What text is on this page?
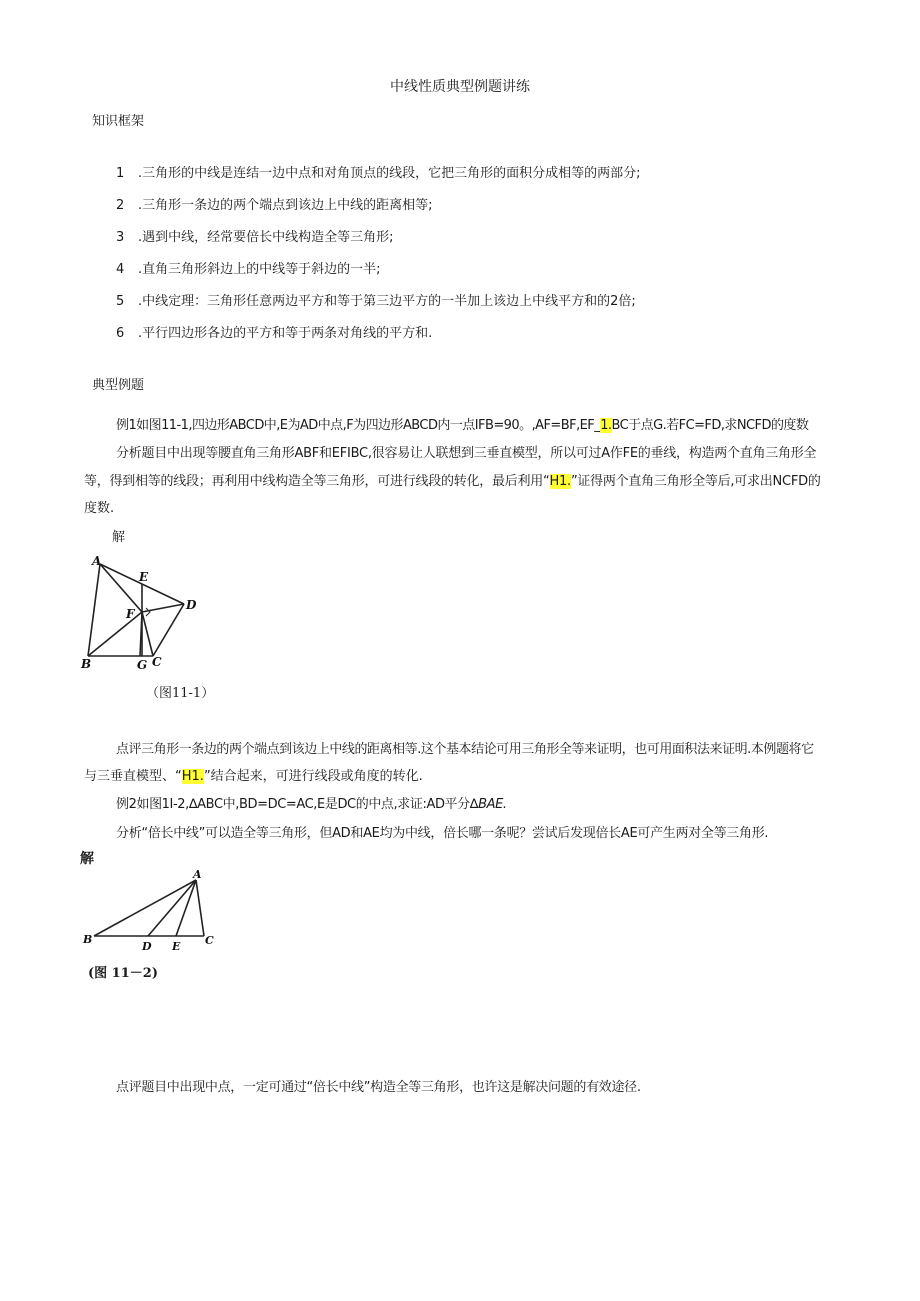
中线性质典型例题讲练
知识框架
1 .三角形的中线是连结一边中点和对角顶点的线段，它把三角形的面积分成相等的两部分;
2 .三角形一条边的两个端点到该边上中线的距离相等;
3 .遇到中线，经常要倍长中线构造全等三角形;
4 .直角三角形斜边上的中线等于斜边的一半;
5 .中线定理：三角形任意两边平方和等于第三边平方的一半加上该边上中线平方和的2倍;
6 .平行四边形各边的平方和等于两条对角线的平方和.
典型例题
例1如图11-1,四边形ABCD中,E为AD中点,F为四边形ABCD内一点IFB=90。,AF=BF,EF_1.BC于点G.若FC=FD,求NCFD的度数
分析题目中出现等腰直角三角形ABF和EFIBC,很容易让人联想到三垂直模型，所以可过A作FE的垂线，构造两个直角三角形全
等，得到相等的线段；再利用中线构造全等三角形，可进行线段的转化，最后利用“H1.”证得两个直角三角形全等后,可求出NCFD的
度数.
解
A
E
F
D
B	G C
（图11-1）
点评三角形一条边的两个端点到该边上中线的距离相等.这个基本结论可用三角形全等来证明，也可用面积法来证明.本例题将它
与三垂直模型、“H1.”结合起来，可进行线段或角度的转化.
例2如图1I-2,∆ABC中,BD=DC=AC,E是DC的中点,求证:AD平分∆BAE.
分析“倍长中线”可以造全等三角形，但AD和AE均为中线，倍长哪一条呢？尝试后发现倍长AE可产生两对全等三角形.
解
A
B
D E C
(图 11－2)
点评题目中出现中点，一定可通过“倍长中线”构造全等三角形，也许这是解决问题的有效途径.
